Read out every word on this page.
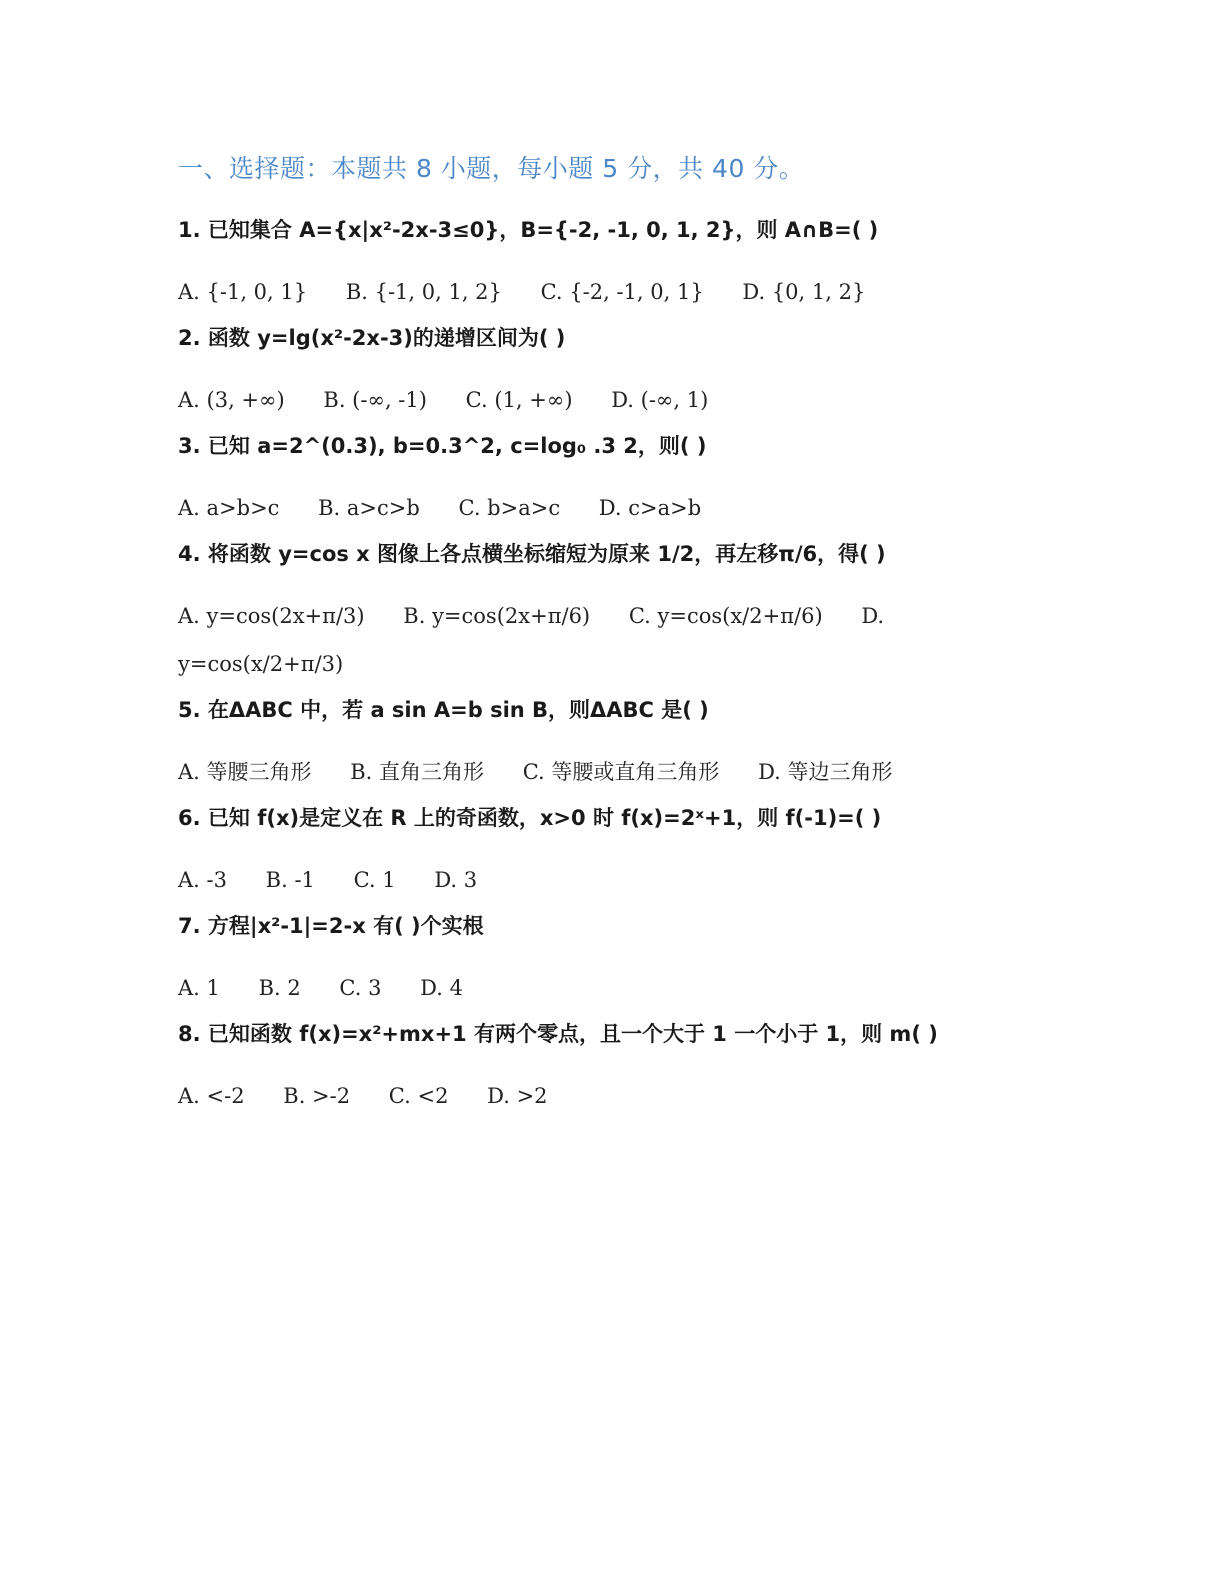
一、选择题：本题共 8 小题，每小题 5 分，共 40 分。
1. 已知集合 A={x|x²-2x-3≤0}，B={-2, -1, 0, 1, 2}，则 A∩B=( )
A. {-1, 0, 1} B. {-1, 0, 1, 2} C. {-2, -1, 0, 1} D. {0, 1, 2}
2. 函数 y=lg(x²-2x-3)的递增区间为( )
A. (3, +∞) B. (-∞, -1) C. (1, +∞) D. (-∞, 1)
3. 已知 a=2^(0.3), b=0.3^2, c=log₀ .3 2，则( )
A. a>b>c B. a>c>b C. b>a>c D. c>a>b
4. 将函数 y=cos x 图像上各点横坐标缩短为原来 1/2，再左移π/6，得( )
A. y=cos(2x+π/3) B. y=cos(2x+π/6) C. y=cos(x/2+π/6) D. y=cos(x/2+π/3)
5. 在ΔABC 中，若 a sin A=b sin B，则ΔABC 是( )
A. 等腰三角形 B. 直角三角形 C. 等腰或直角三角形 D. 等边三角形
6. 已知 f(x)是定义在 R 上的奇函数，x>0 时 f(x)=2ˣ+1，则 f(-1)=( )
A. -3 B. -1 C. 1 D. 3
7. 方程|x²-1|=2-x 有( )个实根
A. 1 B. 2 C. 3 D. 4
8. 已知函数 f(x)=x²+mx+1 有两个零点，且一个大于 1 一个小于 1，则 m( )
A. <-2 B. >-2 C. <2 D. >2
